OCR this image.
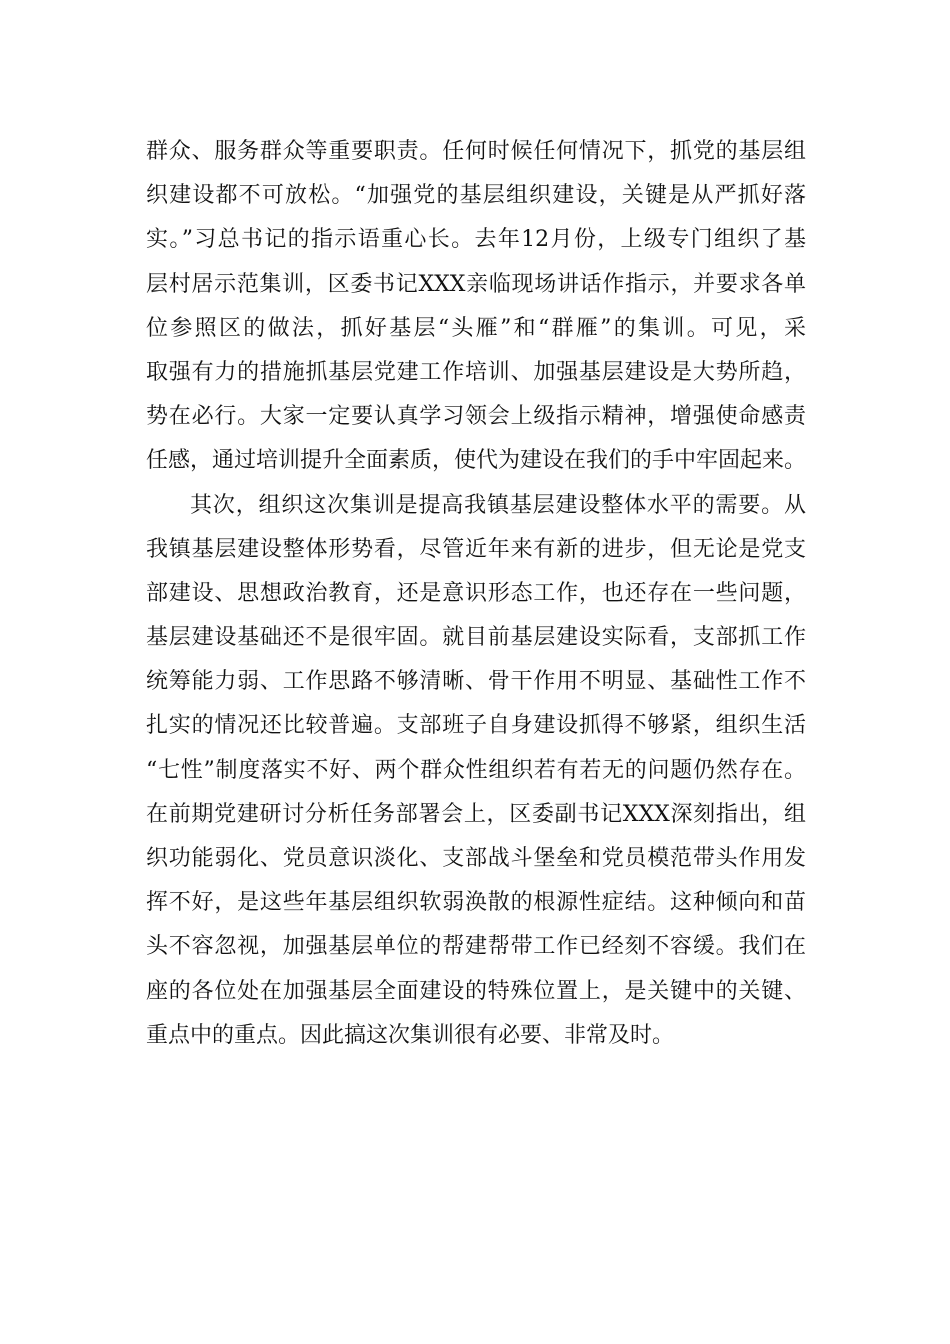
群众、服务群众等重要职责。任何时候任何情况下，抓党的基层组
织建设都不可放松。“加强党的基层组织建设，关键是从严抓好落
实。”习总书记的指示语重心长。去年12月份，上级专门组织了基
层村居示范集训，区委书记XXX亲临现场讲话作指示，并要求各单
位参照区的做法，抓好基层“头雁”和“群雁”的集训。可见，采
取强有力的措施抓基层党建工作培训、加强基层建设是大势所趋，
势在必行。大家一定要认真学习领会上级指示精神，增强使命感责
任感，通过培训提升全面素质，使代为建设在我们的手中牢固起来。
其次，组织这次集训是提高我镇基层建设整体水平的需要。从
我镇基层建设整体形势看，尽管近年来有新的进步，但无论是党支
部建设、思想政治教育，还是意识形态工作，也还存在一些问题，
基层建设基础还不是很牢固。就目前基层建设实际看，支部抓工作
统筹能力弱、工作思路不够清晰、骨干作用不明显、基础性工作不
扎实的情况还比较普遍。支部班子自身建设抓得不够紧，组织生活
“七性”制度落实不好、两个群众性组织若有若无的问题仍然存在。
在前期党建研讨分析任务部署会上，区委副书记XXX深刻指出，组
织功能弱化、党员意识淡化、支部战斗堡垒和党员模范带头作用发
挥不好，是这些年基层组织软弱涣散的根源性症结。这种倾向和苗
头不容忽视，加强基层单位的帮建帮带工作已经刻不容缓。我们在
座的各位处在加强基层全面建设的特殊位置上，是关键中的关键、
重点中的重点。因此搞这次集训很有必要、非常及时。
